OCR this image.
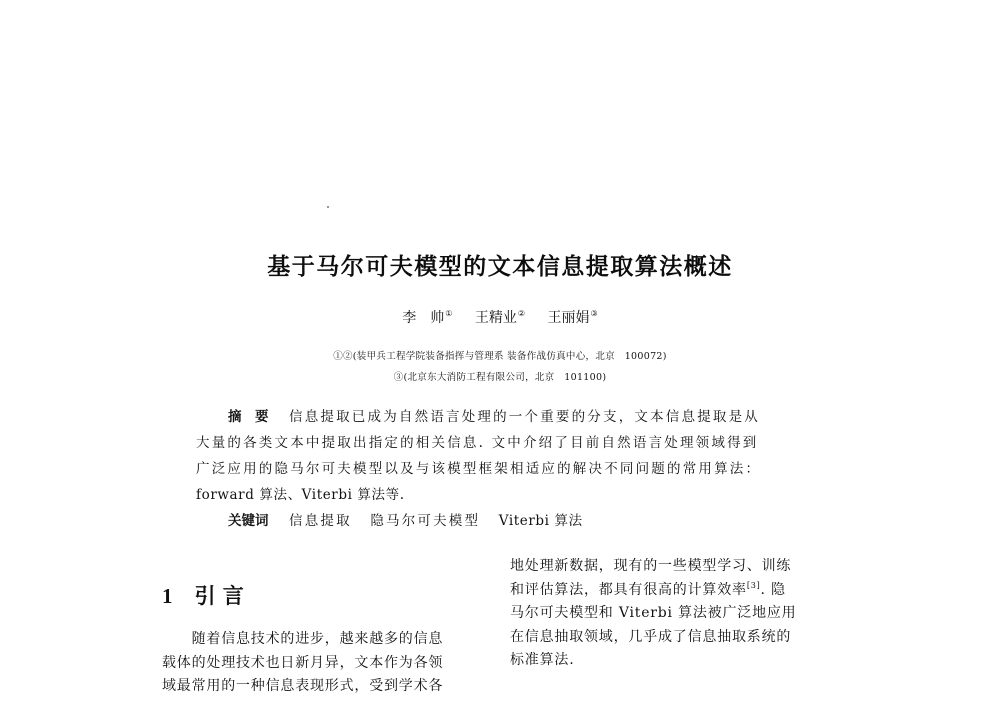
基于马尔可夫模型的文本信息提取算法概述
李　帅① 王精业② 王丽娟③
①②(装甲兵工程学院装备指挥与管理系 装备作战仿真中心，北京　100072)
③(北京东大消防工程有限公司，北京　101100)
摘　要 信息提取已成为自然语言处理的一个重要的分支，文本信息提取是从
大量的各类文本中提取出指定的相关信息. 文中介绍了目前自然语言处理领域得到
广泛应用的隐马尔可夫模型以及与该模型框架相适应的解决不同问题的常用算法：
forward 算法、Viterbi 算法等.
关键词 信息提取 隐马尔可夫模型 Viterbi 算法
1 引 言
　　随着信息技术的进步，越来越多的信息
载体的处理技术也日新月异，文本作为各领
域最常用的一种信息表现形式，受到学术各
地处理新数据，现有的一些模型学习、训练
和评估算法，都具有很高的计算效率[3]. 隐
马尔可夫模型和 Viterbi 算法被广泛地应用
在信息抽取领域，几乎成了信息抽取系统的
标准算法.
